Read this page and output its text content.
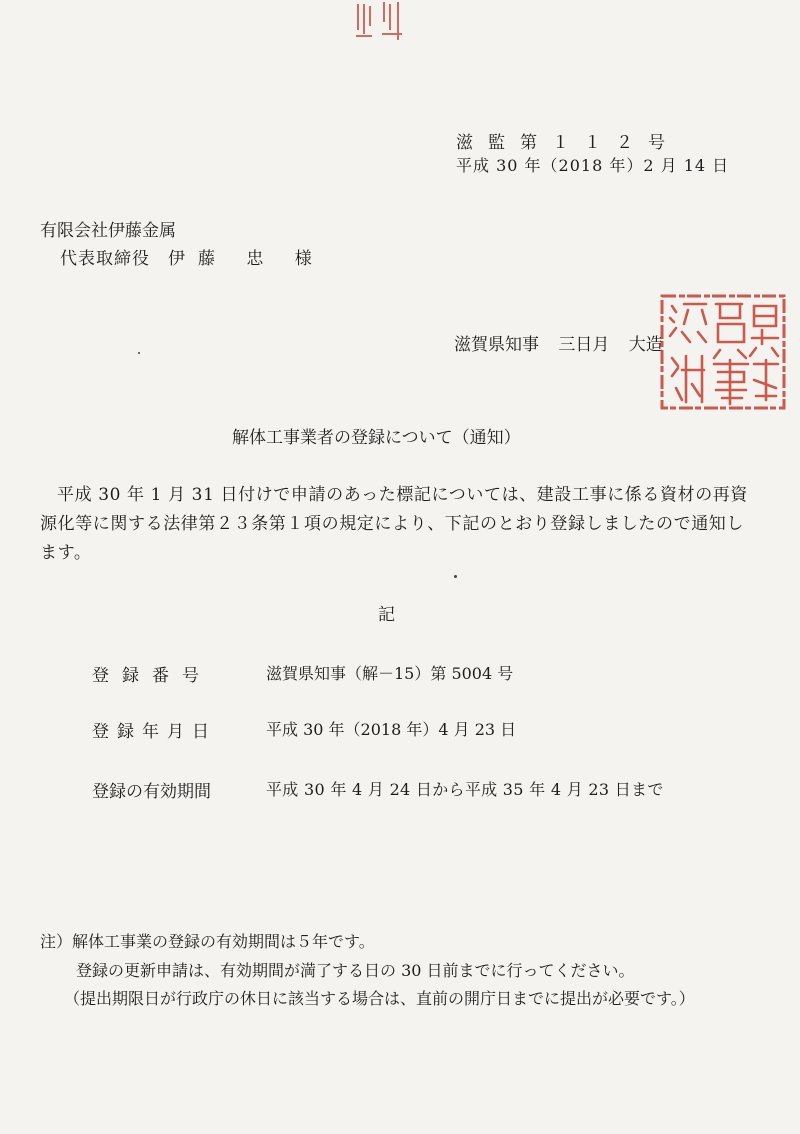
滋監第１１２号
平成 30 年（2018 年）2 月 14 日
有限会社伊藤金属
代表取締役 伊藤 忠 様
滋賀県知事 三日月 大造
解体工事業者の登録について（通知）
平成 30 年 1 月 31 日付けで申請のあった標記については、建設工事に係る資材の再資源化等に関する法律第２３条第１項の規定により、下記のとおり登録しましたので通知します。
記
登録番号	滋賀県知事（解－15）第 5004 号
登録年月日	平成 30 年（2018 年）4 月 23 日
登録の有効期間	平成 30 年 4 月 24 日から平成 35 年 4 月 23 日まで
注）解体工事業の登録の有効期間は５年です。
登録の更新申請は、有効期間が満了する日の 30 日前までに行ってください。
（提出期限日が行政庁の休日に該当する場合は、直前の開庁日までに提出が必要です。）
